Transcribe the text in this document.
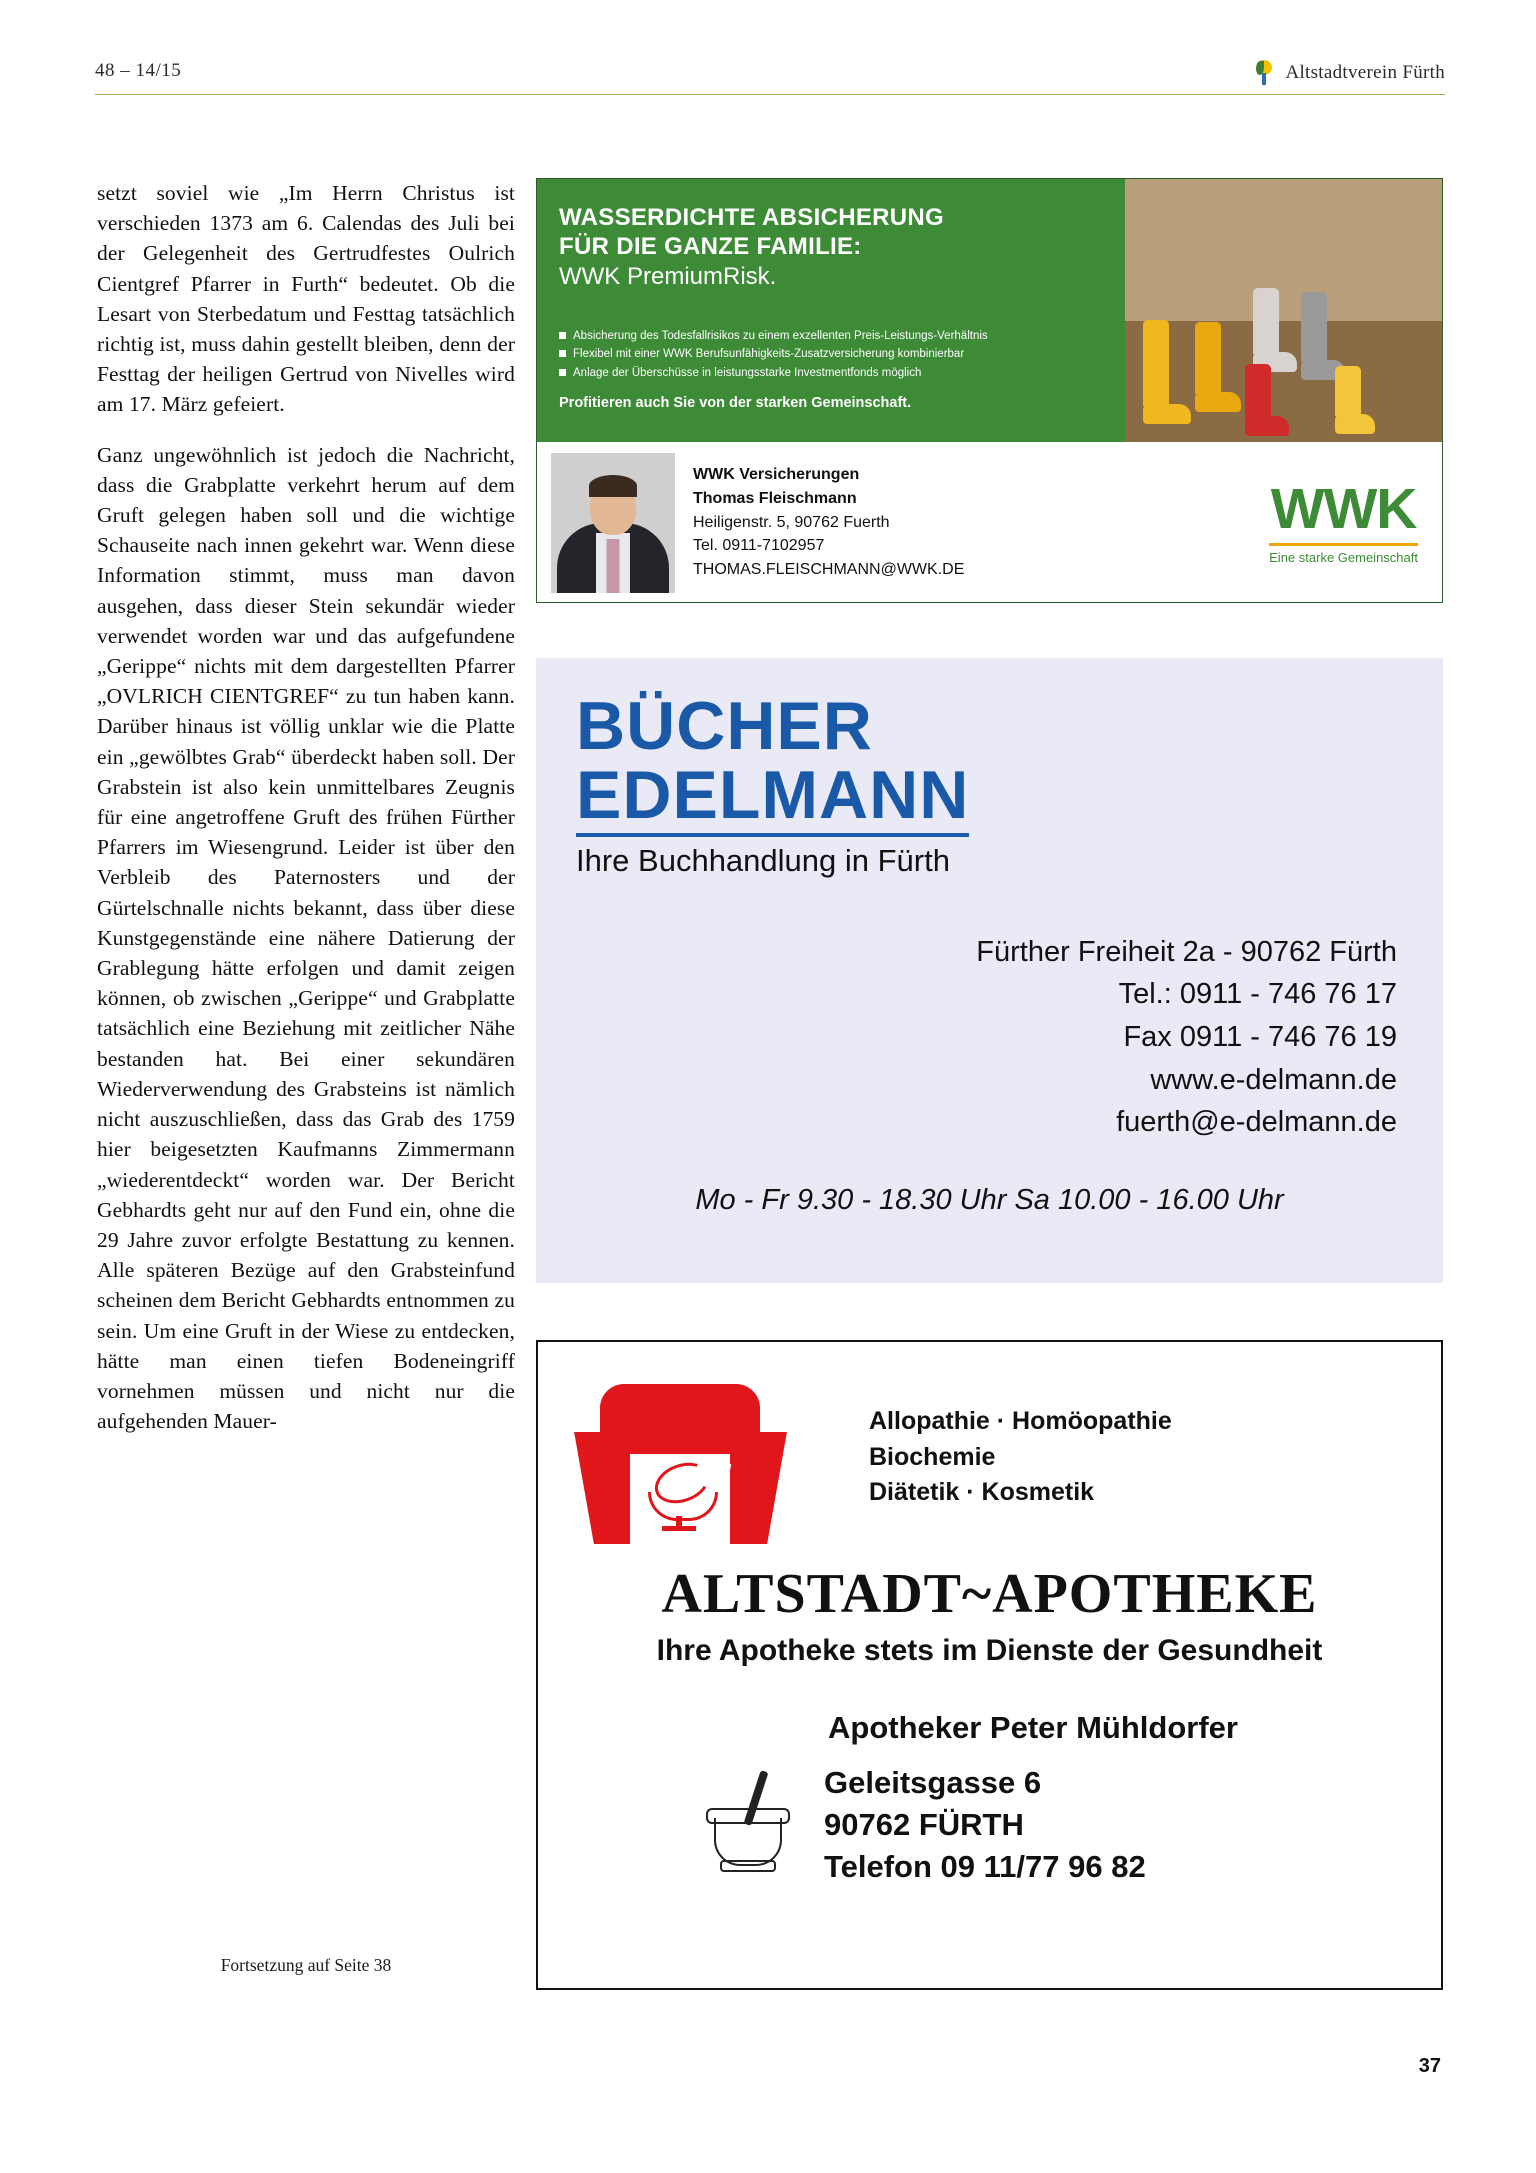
48 – 14/15	Altstadtverein Fürth

setzt soviel wie „Im Herrn Christus ist verschieden 1373 am 6. Calendas des Juli bei der Gelegenheit des Gertrudfestes Oulrich Cientgref Pfarrer in Furth“ bedeutet. Ob die Lesart von Sterbedatum und Festtag tatsächlich richtig ist, muss dahin gestellt bleiben, denn der Festtag der heiligen Gertrud von Nivelles wird am 17. März gefeiert.

Ganz ungewöhnlich ist jedoch die Nachricht, dass die Grabplatte verkehrt herum auf dem Gruft gelegen haben soll und die wichtige Schauseite nach innen gekehrt war. Wenn diese Information stimmt, muss man davon ausgehen, dass dieser Stein sekundär wieder verwendet worden war und das aufgefundene „Gerippe“ nichts mit dem dargestellten Pfarrer „OVLRICH CIENTGREF“ zu tun haben kann. Darüber hinaus ist völlig unklar wie die Platte ein „gewölbtes Grab“ überdeckt haben soll. Der Grabstein ist also kein unmittelbares Zeugnis für eine angetroffene Gruft des frühen Fürther Pfarrers im Wiesengrund. Leider ist über den Verbleib des Paternosters und der Gürtelschnalle nichts bekannt, dass über diese Kunstgegenstände eine nähere Datierung der Grablegung hätte erfolgen und damit zeigen können, ob zwischen „Gerippe“ und Grabplatte tatsächlich eine Beziehung mit zeitlicher Nähe bestanden hat. Bei einer sekundären Wiederverwendung des Grabsteins ist nämlich nicht auszuschließen, dass das Grab des 1759 hier beigesetzten Kaufmanns Zimmermann „wiederentdeckt“ worden war. Der Bericht Gebhardts geht nur auf den Fund ein, ohne die 29 Jahre zuvor erfolgte Bestattung zu kennen. Alle späteren Bezüge auf den Grabsteinfund scheinen dem Bericht Gebhardts entnommen zu sein. Um eine Gruft in der Wiese zu entdecken, hätte man einen tiefen Bodeneingriff vornehmen müssen und nicht nur die aufgehenden Mauer-

Fortsetzung auf Seite 38
WASSERDICHTE ABSICHERUNG
FÜR DIE GANZE FAMILIE:
WWK PremiumRisk.
Absicherung des Todesfallrisikos zu einem exzellenten Preis-Leistungs-Verhältnis
Flexibel mit einer WWK Berufsunfähigkeits-Zusatzversicherung kombinierbar
Anlage der Überschüsse in leistungsstarke Investmentfonds möglich
Profitieren auch Sie von der starken Gemeinschaft.
WWK Versicherungen
Thomas Fleischmann
Heiligenstr. 5, 90762 Fuerth
Tel. 0911-7102957
THOMAS.FLEISCHMANN@WWK.DE
WWK
Eine starke Gemeinschaft
BÜCHER
EDELMANN
Ihre Buchhandlung in Fürth
Fürther Freiheit 2a - 90762 Fürth
Tel.: 0911 - 746 76 17
Fax 0911 - 746 76 19
www.e-delmann.de
fuerth@e-delmann.de
Mo - Fr 9.30 - 18.30 Uhr Sa 10.00 - 16.00 Uhr
Allopathie · Homöopathie
Biochemie
Diätetik · Kosmetik
ALTSTADT~APOTHEKE
Ihre Apotheke stets im Dienste der Gesundheit
Apotheker Peter Mühldorfer
Geleitsgasse 6
90762 FÜRTH
Telefon 09 11/77 96 82
37
